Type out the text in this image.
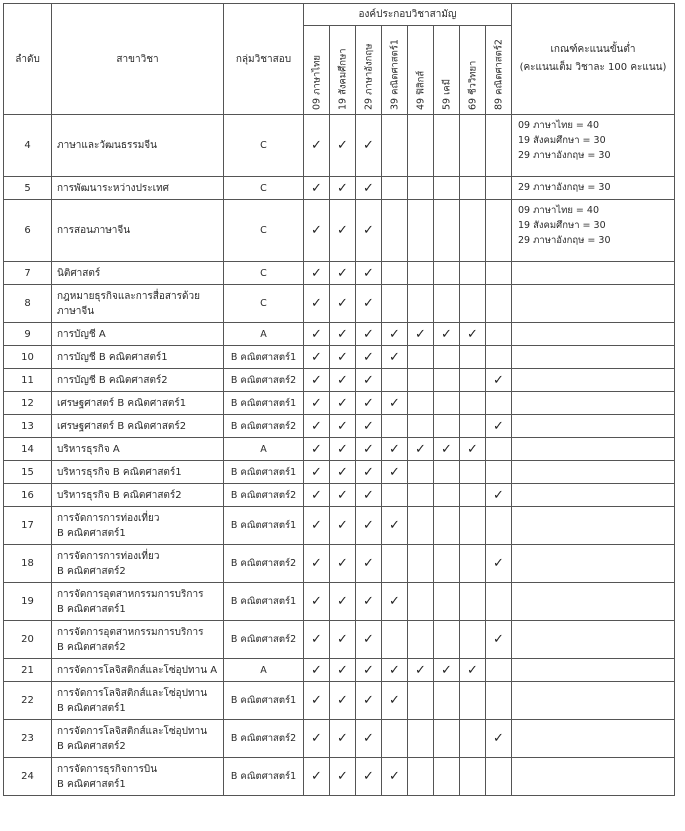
ลำดับ	สาขาวิชา	กลุ่มวิชาสอบ	องค์ประกอบวิชาสามัญ								เกณฑ์คะแนนขั้นต่ำ
(คะแนนเต็ม วิชาละ 100 คะแนน)

			09 ภาษาไทย	19 สังคมศึกษา	29 ภาษาอังกฤษ	39 คณิตศาสตร์1	49 ฟิสิกส์	59 เคมี	69 ชีววิทยา	89 คณิตศาสตร์2	

4	ภาษาและวัฒนธรรมจีน	C	✓	✓	✓						09 ภาษาไทย = 40
19 สังคมศึกษา = 30
29 ภาษาอังกฤษ = 30

5	การพัฒนาระหว่างประเทศ	C	✓	✓	✓						29 ภาษาอังกฤษ = 30

6	การสอนภาษาจีน	C	✓	✓	✓						09 ภาษาไทย = 40
19 สังคมศึกษา = 30
29 ภาษาอังกฤษ = 30

7	นิติศาสตร์	C	✓	✓	✓						
8	กฎหมายธุรกิจและการสื่อสารด้วย
ภาษาจีน	C	✓	✓	✓						
9	การบัญชี A	A	✓	✓	✓	✓	✓	✓	✓		
10	การบัญชี B คณิตศาสตร์1	B คณิตศาสตร์1	✓	✓	✓	✓					
11	การบัญชี B คณิตศาสตร์2	B คณิตศาสตร์2	✓	✓	✓					✓	
12	เศรษฐศาสตร์ B คณิตศาสตร์1	B คณิตศาสตร์1	✓	✓	✓	✓					
13	เศรษฐศาสตร์ B คณิตศาสตร์2	B คณิตศาสตร์2	✓	✓	✓					✓	
14	บริหารธุรกิจ A	A	✓	✓	✓	✓	✓	✓	✓		
15	บริหารธุรกิจ B คณิตศาสตร์1	B คณิตศาสตร์1	✓	✓	✓	✓					
16	บริหารธุรกิจ B คณิตศาสตร์2	B คณิตศาสตร์2	✓	✓	✓					✓	
17	การจัดการการท่องเที่ยว
B คณิตศาสตร์1	B คณิตศาสตร์1	✓	✓	✓	✓					
18	การจัดการการท่องเที่ยว
B คณิตศาสตร์2	B คณิตศาสตร์2	✓	✓	✓					✓	
19	การจัดการอุตสาหกรรมการบริการ
B คณิตศาสตร์1	B คณิตศาสตร์1	✓	✓	✓	✓					
20	การจัดการอุตสาหกรรมการบริการ
B คณิตศาสตร์2	B คณิตศาสตร์2	✓	✓	✓					✓	
21	การจัดการโลจิสติกส์และโซ่อุปทาน A	A	✓	✓	✓	✓	✓	✓	✓		
22	การจัดการโลจิสติกส์และโซ่อุปทาน
B คณิตศาสตร์1	B คณิตศาสตร์1	✓	✓	✓	✓					
23	การจัดการโลจิสติกส์และโซ่อุปทาน
B คณิตศาสตร์2	B คณิตศาสตร์2	✓	✓	✓					✓	
24	การจัดการธุรกิจการบิน
B คณิตศาสตร์1	B คณิตศาสตร์1	✓	✓	✓	✓					
